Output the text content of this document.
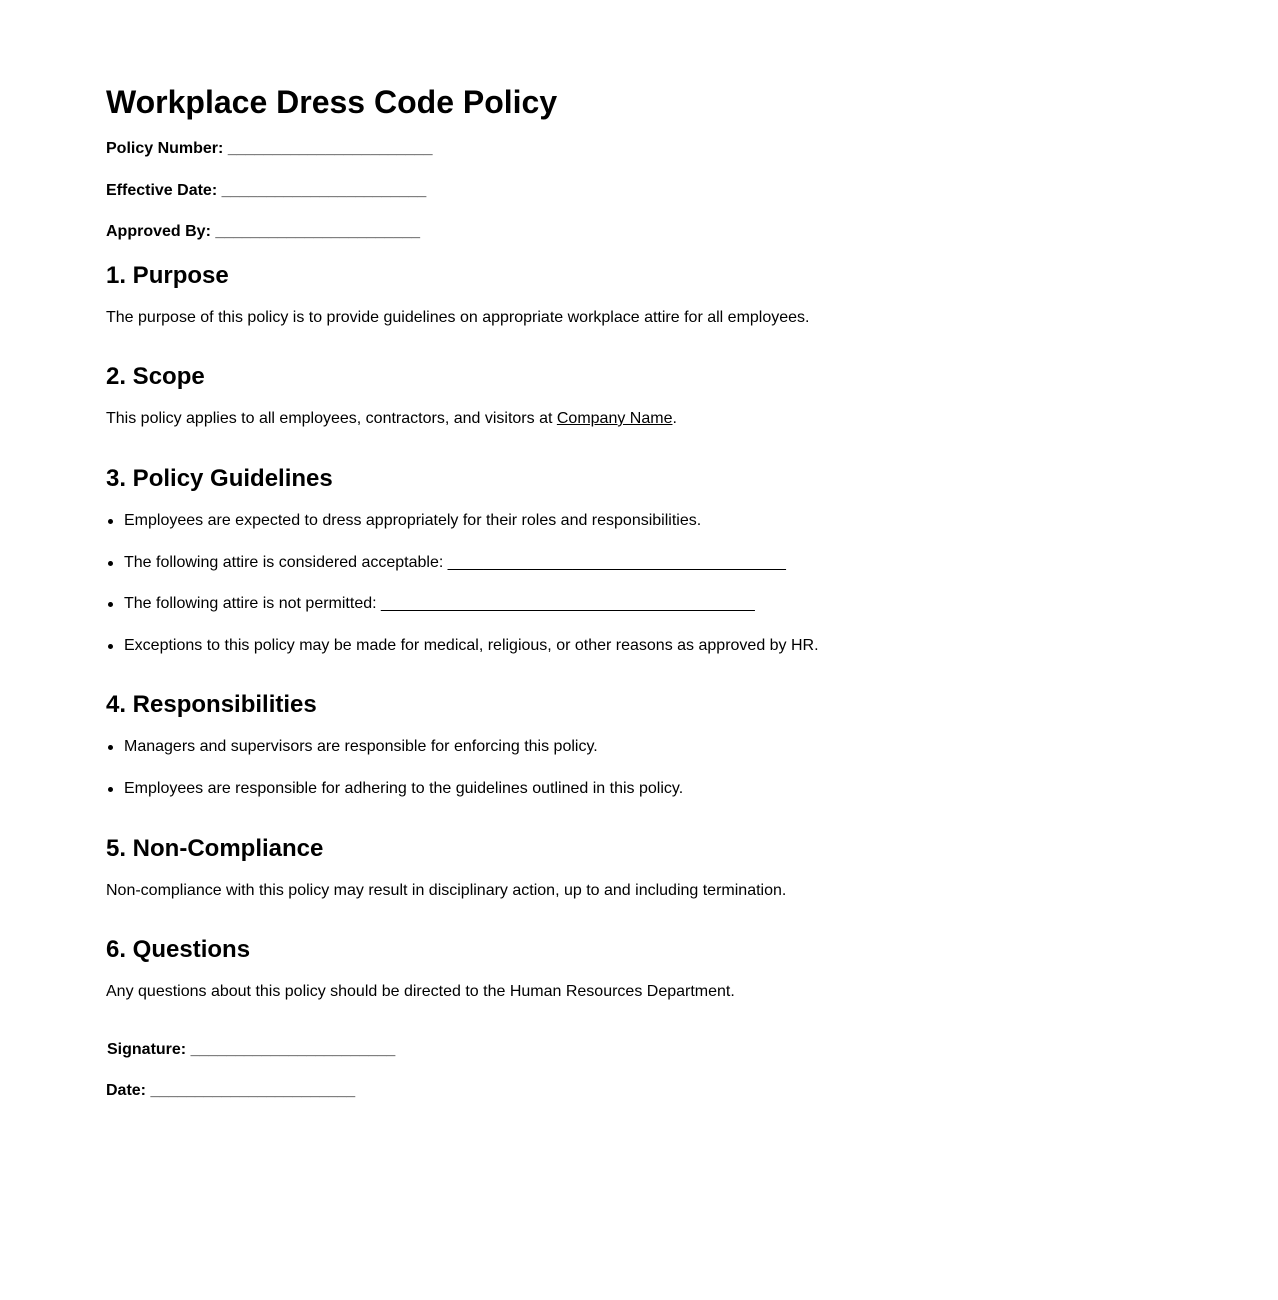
Workplace Dress Code Policy
Policy Number: _______________________
Effective Date: _______________________
Approved By: _______________________
1. Purpose

The purpose of this policy is to provide guidelines on appropriate workplace attire for all employees.

2. Scope

This policy applies to all employees, contractors, and visitors at Company Name.

3. Policy Guidelines
Employees are expected to dress appropriately for their roles and responsibilities.
The following attire is considered acceptable: ______________________________________
The following attire is not permitted: __________________________________________
Exceptions to this policy may be made for medical, religious, or other reasons as approved by HR.
4. Responsibilities
Managers and supervisors are responsible for enforcing this policy.
Employees are responsible for adhering to the guidelines outlined in this policy.
5. Non-Compliance

Non-compliance with this policy may result in disciplinary action, up to and including termination.

6. Questions

Any questions about this policy should be directed to the Human Resources Department.

Signature: _______________________
Date: _______________________
